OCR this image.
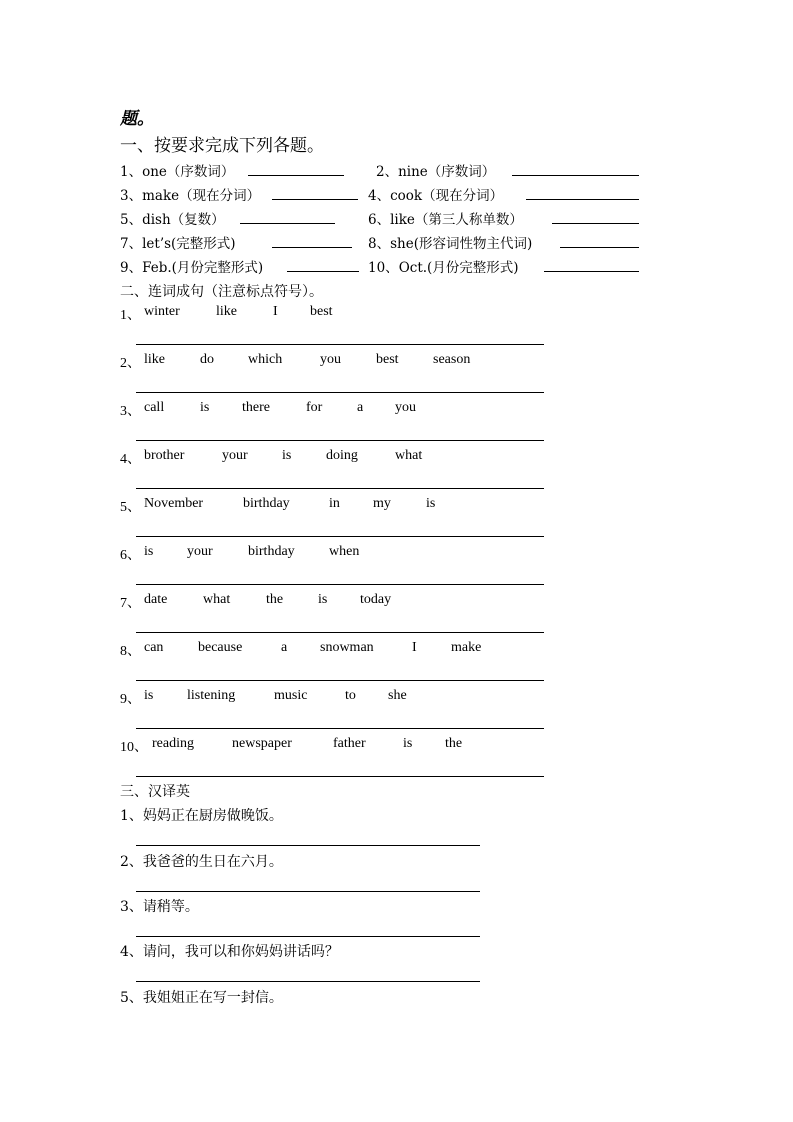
题。
一、按要求完成下列各题。
1、one（序数词）	2、nine（序数词）
3、make（现在分词）	4、cook（现在分词）
5、dish（复数）	6、like（第三人称单数）
7、let’s(完整形式)	8、she(形容词性物主代词)
9、Feb.(月份完整形式)	10、Oct.(月份完整形式)
二、连词成句（注意标点符号）。
1、 winter	like	I best
2、 like	do which	you	best season
3、 call	is there	for a you
4、 brother	your is doing	what
5、 November	birthday	in my	is
6、 is your	birthday when
7、 date	what	the is today
8、 can because	a snowman	I make
9、 is listening	music	to she
10、 reading	newspaper	father	is the
三、汉译英
1、妈妈正在厨房做晚饭。
2、我爸爸的生日在六月。
3、请稍等。
4、请问，我可以和你妈妈讲话吗？
5、我姐姐正在写一封信。
